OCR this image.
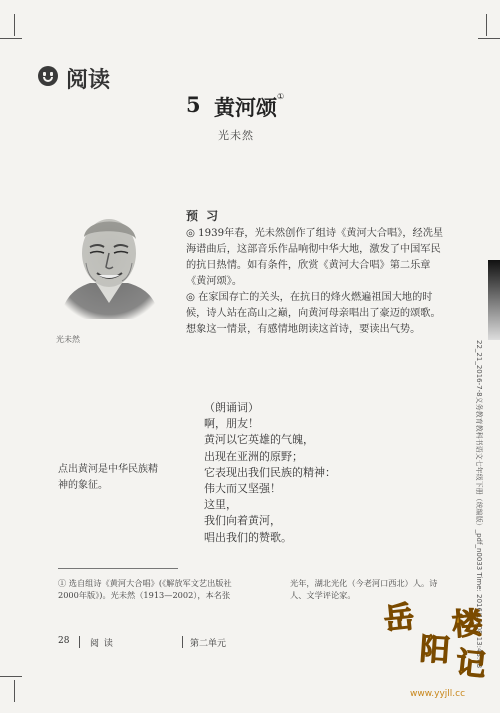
阅读
5 黄河颂①
光未然
光未然
预 习
◎ 1939年春，光未然创作了组诗《黄河大合唱》，经冼星海谱曲后，这部音乐作品响彻中华大地，激发了中国军民的抗日热情。如有条件，欣赏《黄河大合唱》第二乐章《黄河颂》。
◎ 在家国存亡的关头，在抗日的烽火燃遍祖国大地的时候，诗人站在高山之巅，向黄河母亲唱出了豪迈的颂歌。想象这一情景，有感情地朗读这首诗，要读出气势。
点出黄河是中华民族精神的象征。
（朗诵词）
啊，朋友！
黄河以它英雄的气魄，
出现在亚洲的原野；
它表现出我们民族的精神：
伟大而又坚强！
这里，
我们向着黄河，
唱出我们的赞歌。
① 选自组诗《黄河大合唱》(《解放军文艺出版社2000年版》)。光未然（1913—2002），本名张
光年，湖北光化（今老河口西北）人。诗人、文学评论家。
28 阅 读	第二单元	22_21_2016-7-8义务教育教科书语文七年级下册（统编版）_pdf_n0033 Time: 2016/10/08 13:48:08
岳
阳
楼
记
www.yyjll.cc
